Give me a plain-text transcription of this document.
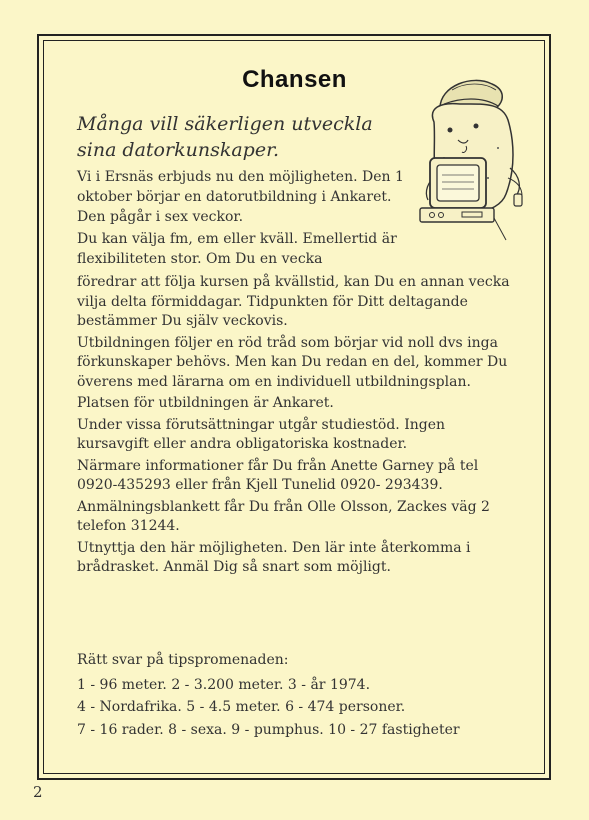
Chansen

Många vill säkerligen utveckla sina datorkunskaper.

Vi i Ersnäs erbjuds nu den möjligheten. Den 1 oktober börjar en datorutbildning i Ankaret. Den pågår i sex veckor.

Du kan välja fm, em eller kväll. Emellertid är flexibiliteten stor. Om Du en vecka

föredrar att följa kursen på kvällstid, kan Du en annan vecka vilja delta förmiddagar. Tidpunkten för Ditt deltagande bestämmer Du själv veckovis.

Utbildningen följer en röd tråd som börjar vid noll dvs inga förkunskaper behövs. Men kan Du redan en del, kommer Du överens med lärarna om en individuell utbildningsplan.

Platsen för utbildningen är Ankaret.

Under vissa förutsättningar utgår studiestöd. Ingen kursavgift eller andra obligatoriska kostnader.

Närmare informationer får Du från Anette Garney på tel 0920-435293 eller från Kjell Tunelid 0920- 293439.

Anmälningsblankett får Du från Olle Olsson, Zackes väg 2 telefon 31244.

Utnyttja den här möjligheten. Den lär inte återkomma i brådrasket. Anmäl Dig så snart som möjligt.

Rätt svar på tipspromenaden:

1 - 96 meter. 2 - 3.200 meter. 3 - år 1974.

4 - Nordafrika. 5 - 4.5 meter. 6 - 474 personer.

7 - 16 rader. 8 - sexa. 9 - pumphus. 10 - 27 fastigheter

2
